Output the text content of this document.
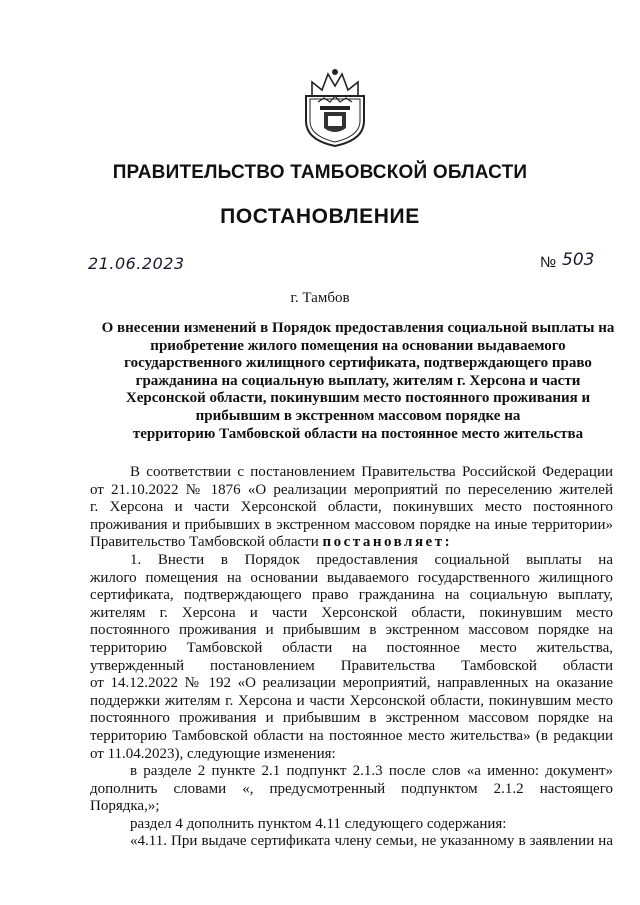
ПРАВИТЕЛЬСТВО ТАМБОВСКОЙ ОБЛАСТИ
ПОСТАНОВЛЕНИЕ
21.06.2023	№ 503
г. Тамбов
О внесении изменений в Порядок предоставления социальной выплаты на
приобретение жилого помещения на основании выдаваемого
государственного жилищного сертификата, подтверждающего право
гражданина на социальную выплату, жителям г. Херсона и части
Херсонской области, покинувшим место постоянного проживания и
прибывшим в экстренном массовом порядке на
территорию Тамбовской области на постоянное место жительства
В соответствии с постановлением Правительства Российской Федерации
от 21.10.2022 № 1876 «О реализации мероприятий по переселению жителей
г. Херсона и части Херсонской области, покинувших место постоянного
проживания и прибывших в экстренном массовом порядке на иные территории»
Правительство Тамбовской области постановляет:
1. Внести в Порядок предоставления социальной выплаты на
жилого помещения на основании выдаваемого государственного жилищного
сертификата, подтверждающего право гражданина на социальную выплату,
жителям г. Херсона и части Херсонской области, покинувшим место
постоянного проживания и прибывшим в экстренном массовом порядке на
территорию Тамбовской области на постоянное место жительства,
утвержденный постановлением Правительства Тамбовской области
от 14.12.2022 № 192 «О реализации мероприятий, направленных на оказание
поддержки жителям г. Херсона и части Херсонской области, покинувшим место
постоянного проживания и прибывшим в экстренном массовом порядке на
территорию Тамбовской области на постоянное место жительства» (в редакции
от 11.04.2023), следующие изменения:
в разделе 2 пункте 2.1 подпункт 2.1.3 после слов «а именно: документ»
дополнить словами «, предусмотренный подпунктом 2.1.2 настоящего
Порядка,»;
раздел 4 дополнить пунктом 4.11 следующего содержания:
«4.11. При выдаче сертификата члену семьи, не указанному в заявлении на
